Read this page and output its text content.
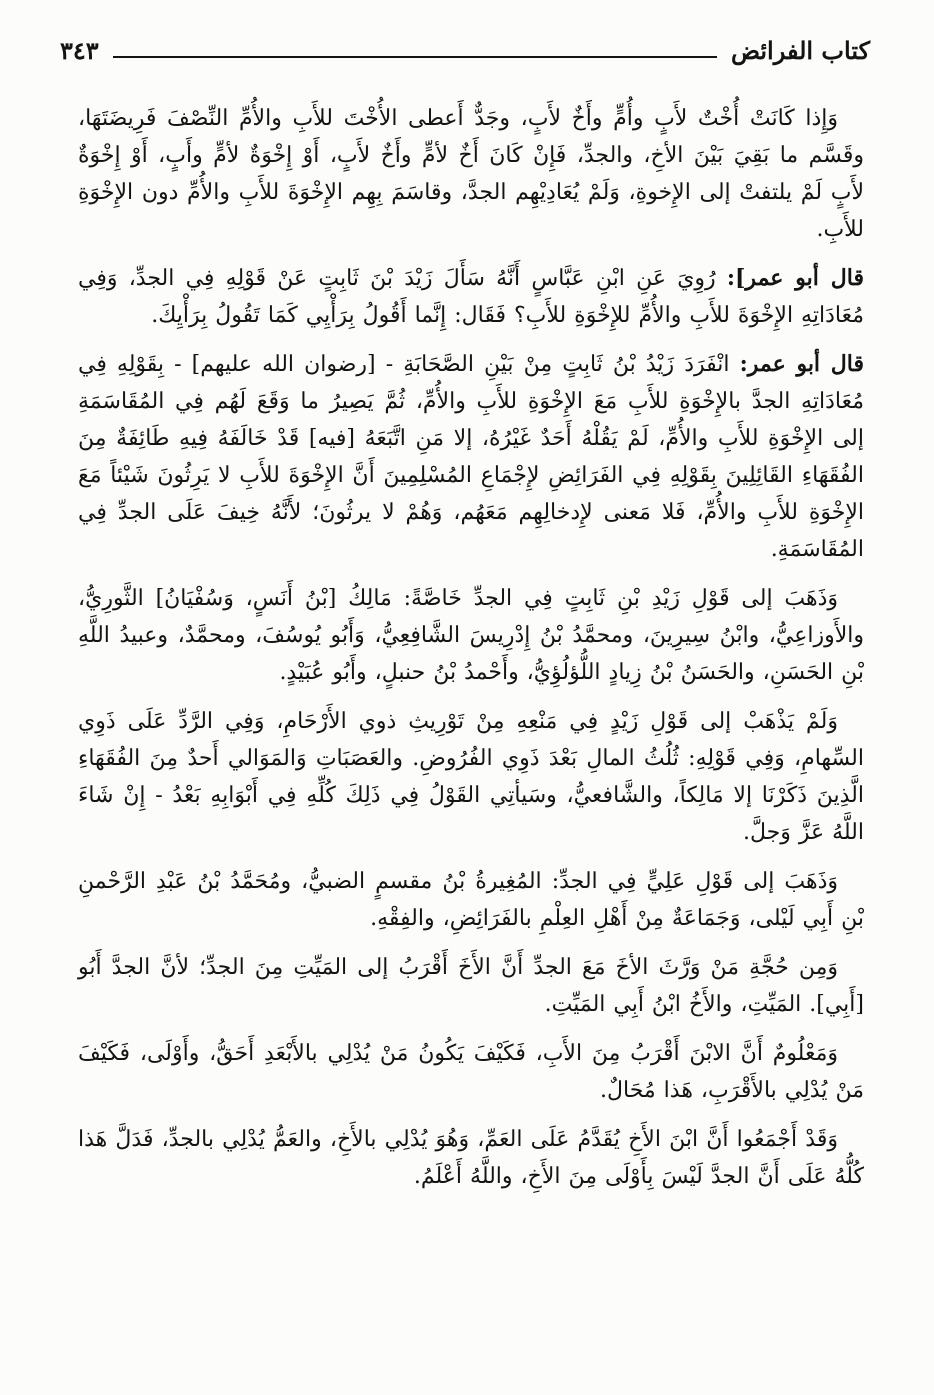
كتاب الفرائض
٣٤٣

وَإِذا كَانَتْ أُخْتٌ لأَبٍ وأُمٍّ وأَخٌ لأَبٍ، وجَدٌّ أَعطى الأُخْتَ للأَبِ والأُمِّ النِّصْفَ فَرِيضَتَهَا، وقَسَّم ما بَقِيَ بَيْنَ الأخِ، والجدِّ، فَإِنْ كَانَ أَخٌ لأمٍّ وأَخٌ لأَبٍ، أَوْ إِخْوَةٌ لأمٍّ وأَبٍ، أَوْ إِخْوَةٌ لأَبٍ لَمْ يلتفتْ إلى الإِخوةِ، وَلَمْ يُعَادِيْهِم الجدَّ، وقاسَمَ بِهِم الإِخْوَةَ للأَبِ والأُمِّ دون الإِخْوَةِ للأَبِ.

قال أبو عمر]: رُوِيَ عَنِ ابْنِ عَبَّاسٍ أَنَّهُ سَأَلَ زَيْدَ بْنَ ثَابِتٍ عَنْ قَوْلِهِ فِي الجدِّ، وَفِي مُعَادَاتِهِ الإِخْوَةَ للأَبِ والأُمِّ للإِخْوَةِ للأَبِ؟ فَقَال: إِنَّما أَقُولُ بِرَأْيِي كَمَا تَقُولُ بِرَأْيِكَ.

قال أبو عمر: انْفَرَدَ زَيْدُ بْنُ ثَابِتٍ مِنْ بَيْنِ الصَّحَابَةِ - [رضوان الله عليهم] - بِقَوْلِهِ فِي مُعَادَاتِهِ الجدَّ بالإِخْوَةِ للأَبِ مَعَ الإِخْوَةِ للأَبِ والأُمِّ، ثُمَّ يَصِيرُ ما وَقَعَ لَهُم فِي المُقَاسَمَةِ إلى الإِخْوَةِ للأَبِ والأُمِّ، لَمْ يَقُلْهُ أَحَدٌ غَيْرُهُ، إلا مَنِ اتَّبَعَهُ [فيه] قَدْ خَالَفَهُ فِيهِ طَائِفَةٌ مِنَ الفُقَهَاءِ القَائِلِينَ بِقَوْلِهِ فِي الفَرَائِضِ لإِجْمَاعِ المُسْلِمِينَ أَنَّ الإِخْوَةَ للأَبِ لا يَرِثُونَ شَيْئاً مَعَ الإِخْوَةِ للأَبِ والأُمِّ، فَلا مَعنى لإِدخالِهِم مَعَهُم، وَهُمْ لا يرثُونَ؛ لأَنَّهُ خِيفَ عَلَى الجدِّ فِي المُقَاسَمَةِ.

وَذَهَبَ إلى قَوْلِ زَيْدِ بْنِ ثَابِتٍ فِي الجدِّ خَاصَّةً: مَالِكُ [بْنُ أَنَسٍ، وَسُفْيَانُ] الثَّورِيُّ، والأَوزاعِيُّ، وابْنُ سِيرِينَ، ومحمَّدُ بْنُ إِدْرِيسَ الشَّافِعِيُّ، وَأَبُو يُوسُفَ، ومحمَّدٌ، وعبيدُ اللَّهِ بْنِ الحَسَنِ، والحَسَنُ بْنُ زِيادٍ اللُّؤلُؤِيُّ، وأَحْمدُ بْنُ حنبلٍ، وأَبُو عُبَيْدٍ.

وَلَمْ يَذْهَبْ إلى قَوْلِ زَيْدٍ فِي مَنْعِهِ مِنْ تَوْرِيثِ ذوي الأَرْحَامِ، وَفِي الرَّدِّ عَلَى ذَوِي السِّهامِ، وَفِي قَوْلِهِ: ثُلُثُ المالِ بَعْدَ ذَوِي الفُرُوضِ. والعَصَبَاتِ وَالمَوَالي أَحدٌ مِنَ الفُقَهَاءِ الَّذِينَ ذَكَرْنَا إلا مَالِكاً، والشَّافعيُّ، وسَيأتِي القَوْلُ فِي ذَلِكَ كُلِّهِ فِي أَبْوَابِهِ بَعْدُ - إِنْ شَاءَ اللَّهُ عَزَّ وَجلَّ.

وَذَهَبَ إلى قَوْلِ عَلِيٍّ فِي الجدِّ: المُغِيرةُ بْنُ مقسمٍ الضبيُّ، ومُحَمَّدُ بْنُ عَبْدِ الرَّحْمنِ بْنِ أَبِي لَيْلى، وَجَمَاعَةٌ مِنْ أَهْلِ العِلْمِ بالفَرَائِضِ، والفِقْهِ.

وَمِن حُجَّةِ مَنْ وَرَّثَ الأخَ مَعَ الجدِّ أَنَّ الأَخَ أَقْرَبُ إلى المَيِّتِ مِنَ الجدِّ؛ لأنَّ الجدَّ أَبُو [أَبِي]. المَيِّتِ، والأَخُ ابْنُ أَبِي المَيِّتِ.

وَمَعْلُومٌ أَنَّ الابْنَ أَقْرَبُ مِنَ الأَبِ، فَكَيْفَ يَكُونُ مَنْ يُدْلِي بالأَبْعَدِ أَحَقُّ، وأَوْلَى، فَكَيْفَ مَنْ يُدْلِي بالأَقْرَبِ، هَذا مُحَالٌ.

وَقَدْ أَجْمَعُوا أَنَّ ابْنَ الأَخِ يُقَدَّمُ عَلَى العَمِّ، وَهُوَ يُدْلِي بالأَخِ، والعَمُّ يُدْلِي بالجدِّ، فَدَلَّ هَذا كُلُّهُ عَلَى أَنَّ الجدَّ لَيْسَ بِأَوْلَى مِنَ الأَخِ، واللَّهُ أَعْلَمُ.
